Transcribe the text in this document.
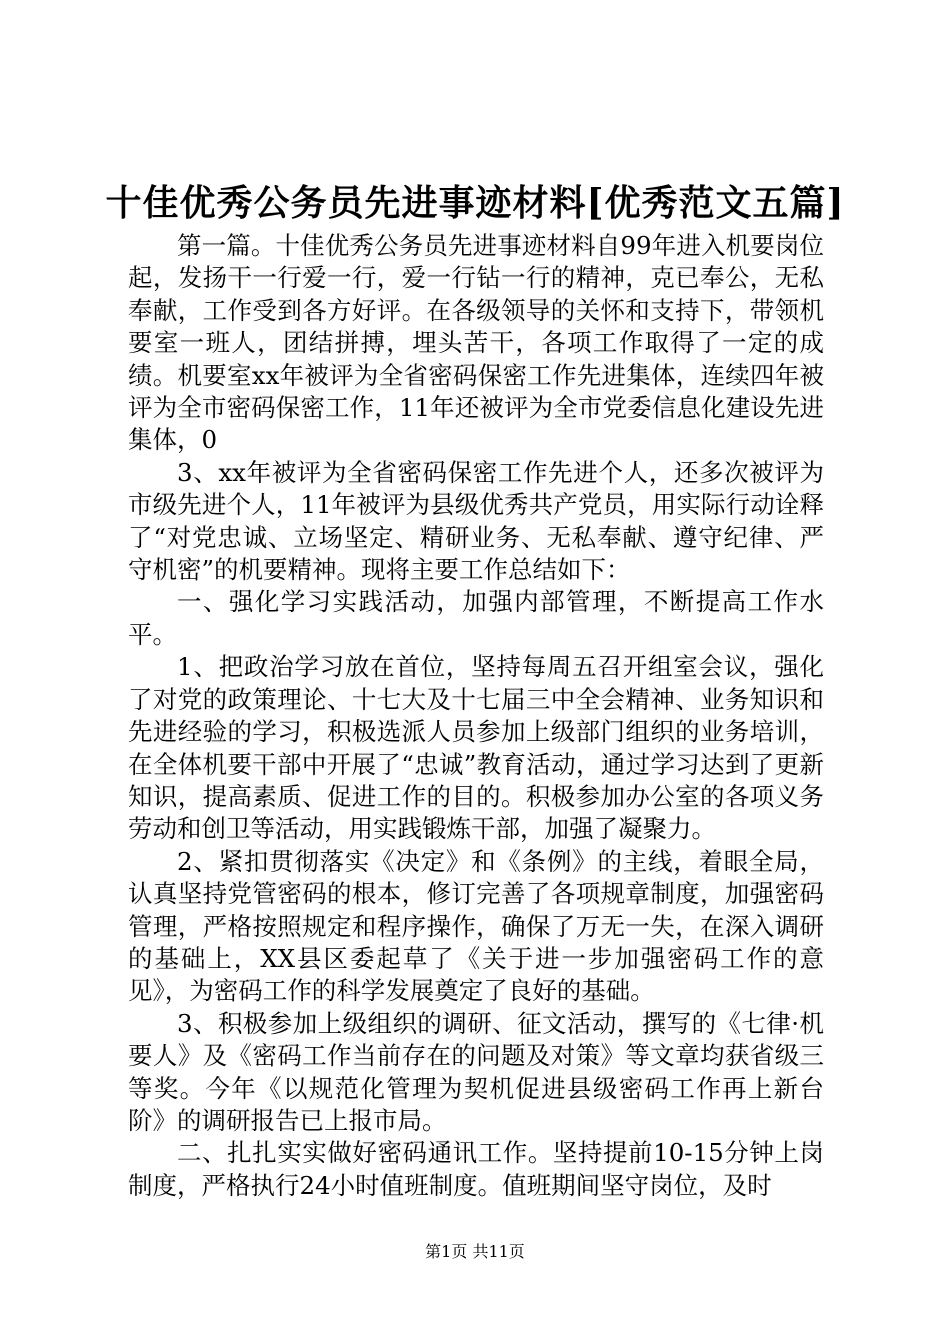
十佳优秀公务员先进事迹材料[优秀范文五篇]

第一篇。十佳优秀公务员先进事迹材料自99年进入机要岗位起，发扬干一行爱一行，爱一行钻一行的精神，克已奉公，无私奉献，工作受到各方好评。在各级领导的关怀和支持下，带领机要室一班人，团结拼搏，埋头苦干，各项工作取得了一定的成绩。机要室xx年被评为全省密码保密工作先进集体，连续四年被评为全市密码保密工作，11年还被评为全市党委信息化建设先进集体，0

3、xx年被评为全省密码保密工作先进个人，还多次被评为市级先进个人，11年被评为县级优秀共产党员，用实际行动诠释了“对党忠诚、立场坚定、精研业务、无私奉献、遵守纪律、严守机密”的机要精神。现将主要工作总结如下：

一、强化学习实践活动，加强内部管理，不断提高工作水平。

1、把政治学习放在首位，坚持每周五召开组室会议，强化了对党的政策理论、十七大及十七届三中全会精神、业务知识和先进经验的学习，积极选派人员参加上级部门组织的业务培训，在全体机要干部中开展了“忠诚”教育活动，通过学习达到了更新知识，提高素质、促进工作的目的。积极参加办公室的各项义务劳动和创卫等活动，用实践锻炼干部，加强了凝聚力。

2、紧扣贯彻落实《决定》和《条例》的主线，着眼全局，认真坚持党管密码的根本，修订完善了各项规章制度，加强密码管理，严格按照规定和程序操作，确保了万无一失，在深入调研的基础上，XX县区委起草了《关于进一步加强密码工作的意见》，为密码工作的科学发展奠定了良好的基础。

3、积极参加上级组织的调研、征文活动，撰写的《七律·机要人》及《密码工作当前存在的问题及对策》等文章均获省级三等奖。今年《以规范化管理为契机促进县级密码工作再上新台阶》的调研报告已上报市局。

二、扎扎实实做好密码通讯工作。坚持提前10-15分钟上岗制度，严格执行24小时值班制度。值班期间坚守岗位，及时

第1页 共11页
